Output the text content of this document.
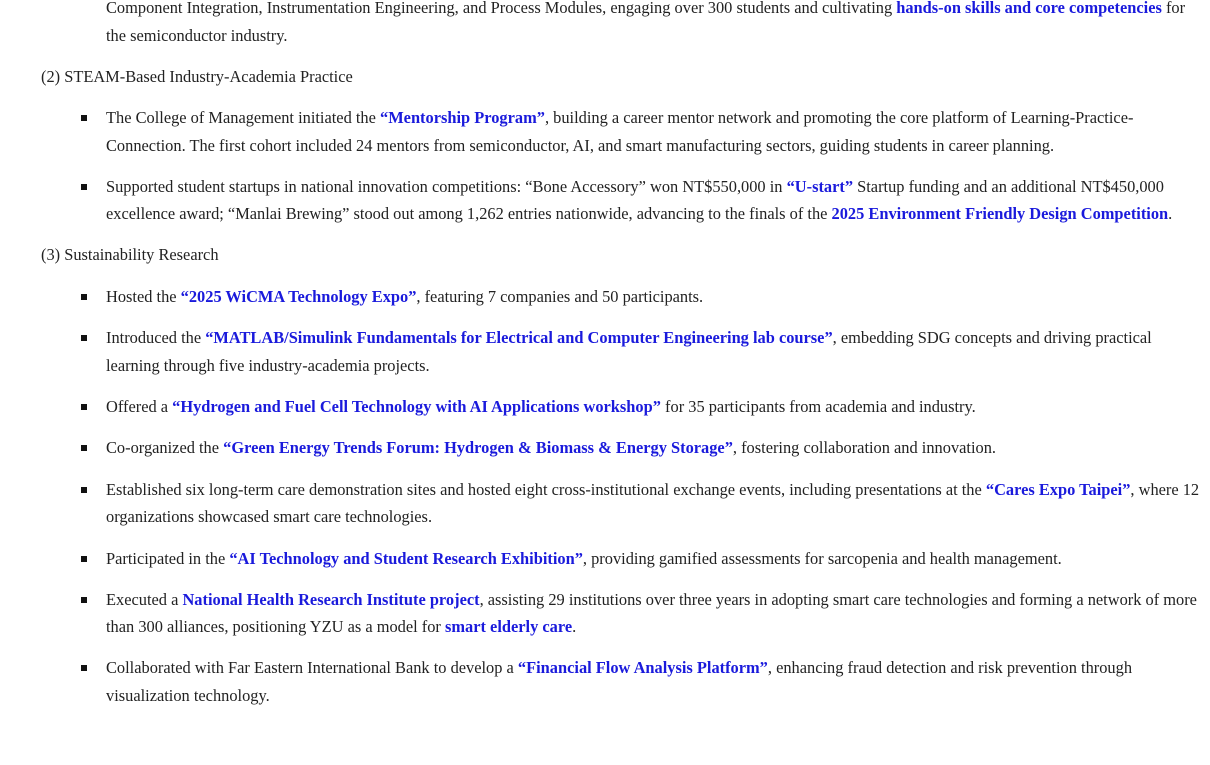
Component Integration, Instrumentation Engineering, and Process Modules, engaging over 300 students and cultivating hands-on skills and core competencies for the semiconductor industry.

(2) STEAM-Based Industry-Academia Practice

The College of Management initiated the “Mentorship Program”, building a career mentor network and promoting the core platform of Learning-Practice-Connection. The first cohort included 24 mentors from semiconductor, AI, and smart manufacturing sectors, guiding students in career planning.
Supported student startups in national innovation competitions: “Bone Accessory” won NT$550,000 in “U-start” Startup funding and an additional NT$450,000 excellence award; “Manlai Brewing” stood out among 1,262 entries nationwide, advancing to the finals of the 2025 Environment Friendly Design Competition.

(3) Sustainability Research

Hosted the “2025 WiCMA Technology Expo”, featuring 7 companies and 50 participants.
Introduced the “MATLAB/Simulink Fundamentals for Electrical and Computer Engineering lab course”, embedding SDG concepts and driving practical learning through five industry-academia projects.
Offered a “Hydrogen and Fuel Cell Technology with AI Applications workshop” for 35 participants from academia and industry.
Co-organized the “Green Energy Trends Forum: Hydrogen & Biomass & Energy Storage”, fostering collaboration and innovation.
Established six long-term care demonstration sites and hosted eight cross-institutional exchange events, including presentations at the “Cares Expo Taipei”, where 12 organizations showcased smart care technologies.
Participated in the “AI Technology and Student Research Exhibition”, providing gamified assessments for sarcopenia and health management.
Executed a National Health Research Institute project, assisting 29 institutions over three years in adopting smart care technologies and forming a network of more than 300 alliances, positioning YZU as a model for smart elderly care.
Collaborated with Far Eastern International Bank to develop a “Financial Flow Analysis Platform”, enhancing fraud detection and risk prevention through visualization technology.
